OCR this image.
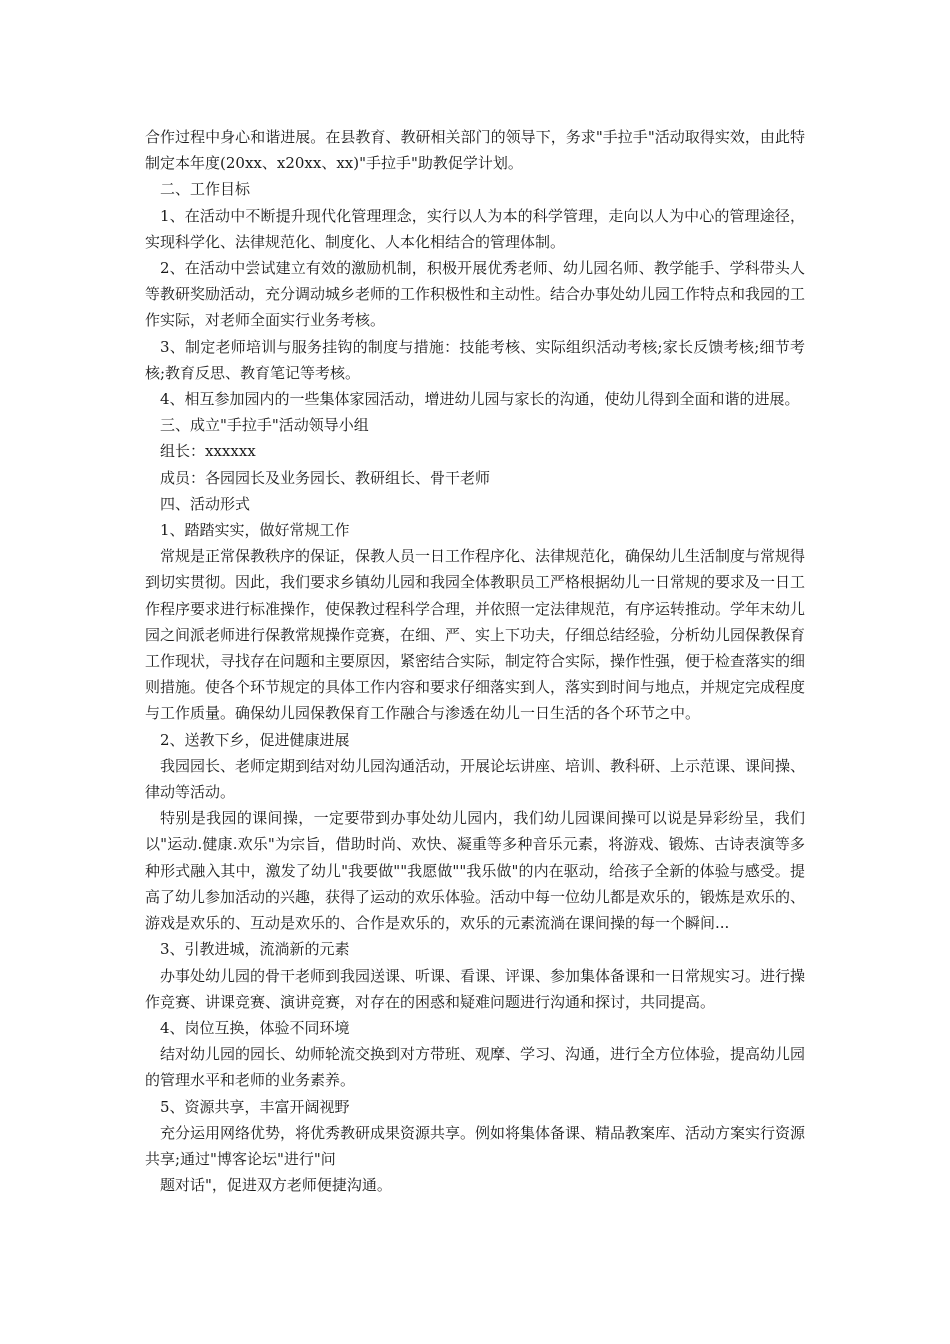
合作过程中身心和谐进展。在县教育、教研相关部门的领导下，务求"手拉手"活动取得实效，由此特制定本年度(20xx、x20xx、xx)"手拉手"助教促学计划。

二、工作目标

1、在活动中不断提升现代化管理理念，实行以人为本的科学管理，走向以人为中心的管理途径，实现科学化、法律规范化、制度化、人本化相结合的管理体制。

2、在活动中尝试建立有效的激励机制，积极开展优秀老师、幼儿园名师、教学能手、学科带头人等教研奖励活动，充分调动城乡老师的工作积极性和主动性。结合办事处幼儿园工作特点和我园的工作实际，对老师全面实行业务考核。

3、制定老师培训与服务挂钩的制度与措施：技能考核、实际组织活动考核;家长反馈考核;细节考核;教育反思、教育笔记等考核。

4、相互参加园内的一些集体家园活动，增进幼儿园与家长的沟通，使幼儿得到全面和谐的进展。

三、成立"手拉手"活动领导小组

组长：xxxxxx

成员：各园园长及业务园长、教研组长、骨干老师

四、活动形式

1、踏踏实实，做好常规工作

常规是正常保教秩序的保证，保教人员一日工作程序化、法律规范化，确保幼儿生活制度与常规得到切实贯彻。因此，我们要求乡镇幼儿园和我园全体教职员工严格根据幼儿一日常规的要求及一日工作程序要求进行标准操作，使保教过程科学合理，并依照一定法律规范，有序运转推动。学年末幼儿园之间派老师进行保教常规操作竞赛，在细、严、实上下功夫，仔细总结经验，分析幼儿园保教保育工作现状，寻找存在问题和主要原因，紧密结合实际，制定符合实际，操作性强，便于检查落实的细则措施。使各个环节规定的具体工作内容和要求仔细落实到人，落实到时间与地点，并规定完成程度与工作质量。确保幼儿园保教保育工作融合与渗透在幼儿一日生活的各个环节之中。

2、送教下乡，促进健康进展

我园园长、老师定期到结对幼儿园沟通活动，开展论坛讲座、培训、教科研、上示范课、课间操、律动等活动。

特别是我园的课间操，一定要带到办事处幼儿园内，我们幼儿园课间操可以说是异彩纷呈，我们以"运动.健康.欢乐"为宗旨，借助时尚、欢快、凝重等多种音乐元素，将游戏、锻炼、古诗表演等多种形式融入其中，激发了幼儿"我要做""我愿做""我乐做"的内在驱动，给孩子全新的体验与感受。提高了幼儿参加活动的兴趣，获得了运动的欢乐体验。活动中每一位幼儿都是欢乐的，锻炼是欢乐的、游戏是欢乐的、互动是欢乐的、合作是欢乐的，欢乐的元素流淌在课间操的每一个瞬间...

3、引教进城，流淌新的元素

办事处幼儿园的骨干老师到我园送课、听课、看课、评课、参加集体备课和一日常规实习。进行操作竞赛、讲课竞赛、演讲竞赛，对存在的困惑和疑难问题进行沟通和探讨，共同提高。

4、岗位互换，体验不同环境

结对幼儿园的园长、幼师轮流交换到对方带班、观摩、学习、沟通，进行全方位体验，提高幼儿园的管理水平和老师的业务素养。

5、资源共享，丰富开阔视野

充分运用网络优势，将优秀教研成果资源共享。例如将集体备课、精品教案库、活动方案实行资源共享;通过"博客论坛"进行"问

题对话"，促进双方老师便捷沟通。
